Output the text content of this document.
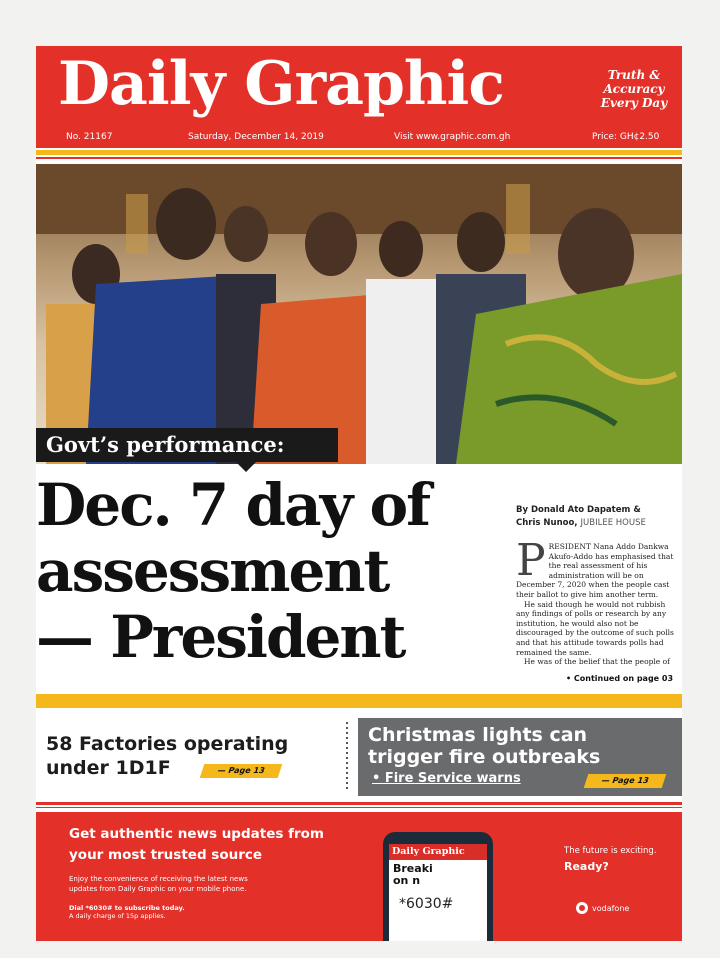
Daily Graphic	Truth & Accuracy Every Day
No. 21167	Saturday, December 14, 2019	Visit www.graphic.com.gh	Price: GH¢2.50
Govt’s performance:
Dec. 7 day of
assessment
— President
By Donald Ato Dapatem &
Chris Nunoo, JUBILEE HOUSE
P RESIDENT Nana Addo Dankwa Akufo-Addo has emphasised that the real assessment of his administration will be on December 7, 2020 when the people cast their ballot to give him another term.
He said though he would not rubbish any findings of polls or research by any institution, he would also not be discouraged by the outcome of such polls and that his attitude towards polls had remained the same.
He was of the belief that the people of
• Continued on page 03
58 Factories operating
under 1D1F	— Page 13
Christmas lights can
trigger fire outbreaks
• Fire Service warns	— Page 13
Get authentic news updates from
your most trusted source
Enjoy the convenience of receiving the latest news
updates from Daily Graphic on your mobile phone.
Dial *6030# to subscribe today.
A daily charge of 15p applies.
Daily Graphic
Breaki
on n
*6030#
The future is exciting.
Ready?
vodafone
